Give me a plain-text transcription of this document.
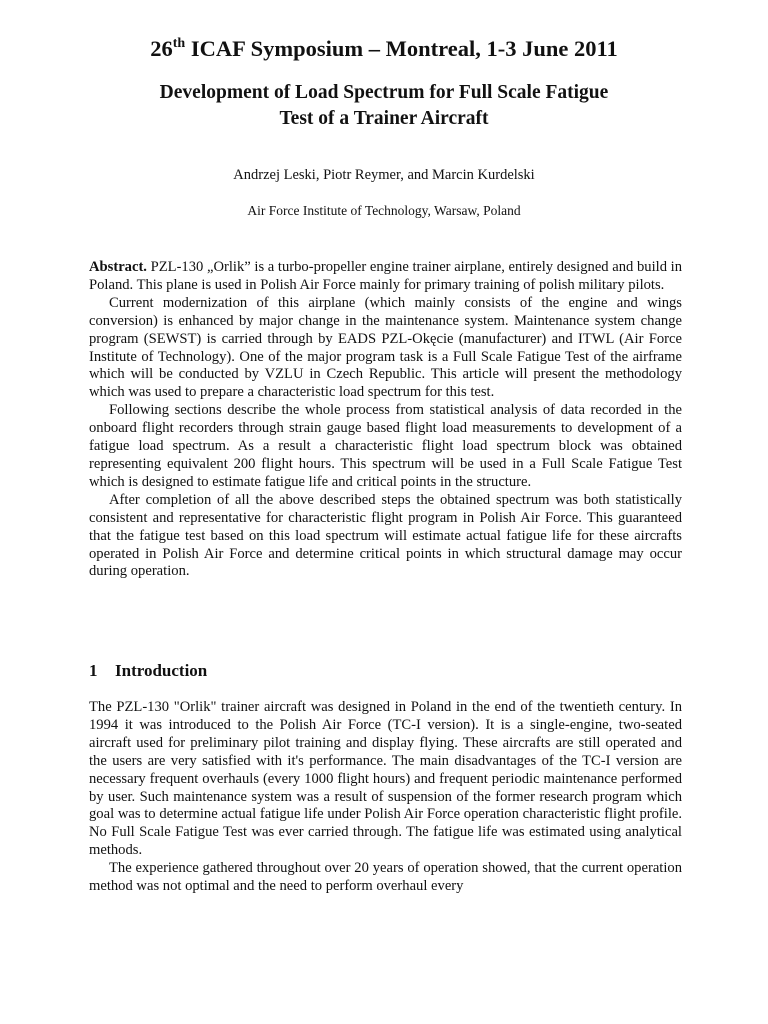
26th ICAF Symposium – Montreal, 1-3 June 2011
Development of Load Spectrum for Full Scale Fatigue
Test of a Trainer Aircraft

Andrzej Leski, Piotr Reymer, and Marcin Kurdelski

Air Force Institute of Technology, Warsaw, Poland

Abstract. PZL-130 „Orlik” is a turbo-propeller engine trainer airplane, entirely designed and build in Poland. This plane is used in Polish Air Force mainly for primary training of polish military pilots.

Current modernization of this airplane (which mainly consists of the engine and wings conversion) is enhanced by major change in the maintenance system. Maintenance system change program (SEWST) is carried through by EADS PZL-Okęcie (manufacturer) and ITWL (Air Force Institute of Technology). One of the major program task is a Full Scale Fatigue Test of the airframe which will be conducted by VZLU in Czech Republic. This article will present the methodology which was used to prepare a characteristic load spectrum for this test.

Following sections describe the whole process from statistical analysis of data recorded in the onboard flight recorders through strain gauge based flight load measurements to development of a fatigue load spectrum. As a result a characteristic flight load spectrum block was obtained representing equivalent 200 flight hours. This spectrum will be used in a Full Scale Fatigue Test which is designed to estimate fatigue life and critical points in the structure.

After completion of all the above described steps the obtained spectrum was both statistically consistent and representative for characteristic flight program in Polish Air Force. This guaranteed that the fatigue test based on this load spectrum will estimate actual fatigue life for these aircrafts operated in Polish Air Force and determine critical points in which structural damage may occur during operation.

1 Introduction

The PZL-130 "Orlik" trainer aircraft was designed in Poland in the end of the twentieth century. In 1994 it was introduced to the Polish Air Force (TC-I version). It is a single-engine, two-seated aircraft used for preliminary pilot training and display flying. These aircrafts are still operated and the users are very satisfied with it's performance. The main disadvantages of the TC-I version are necessary frequent overhauls (every 1000 flight hours) and frequent periodic maintenance performed by user. Such maintenance system was a result of suspension of the former research program which goal was to determine actual fatigue life under Polish Air Force operation characteristic flight profile. No Full Scale Fatigue Test was ever carried through. The fatigue life was estimated using analytical methods.

The experience gathered throughout over 20 years of operation showed, that the current operation method was not optimal and the need to perform overhaul every
